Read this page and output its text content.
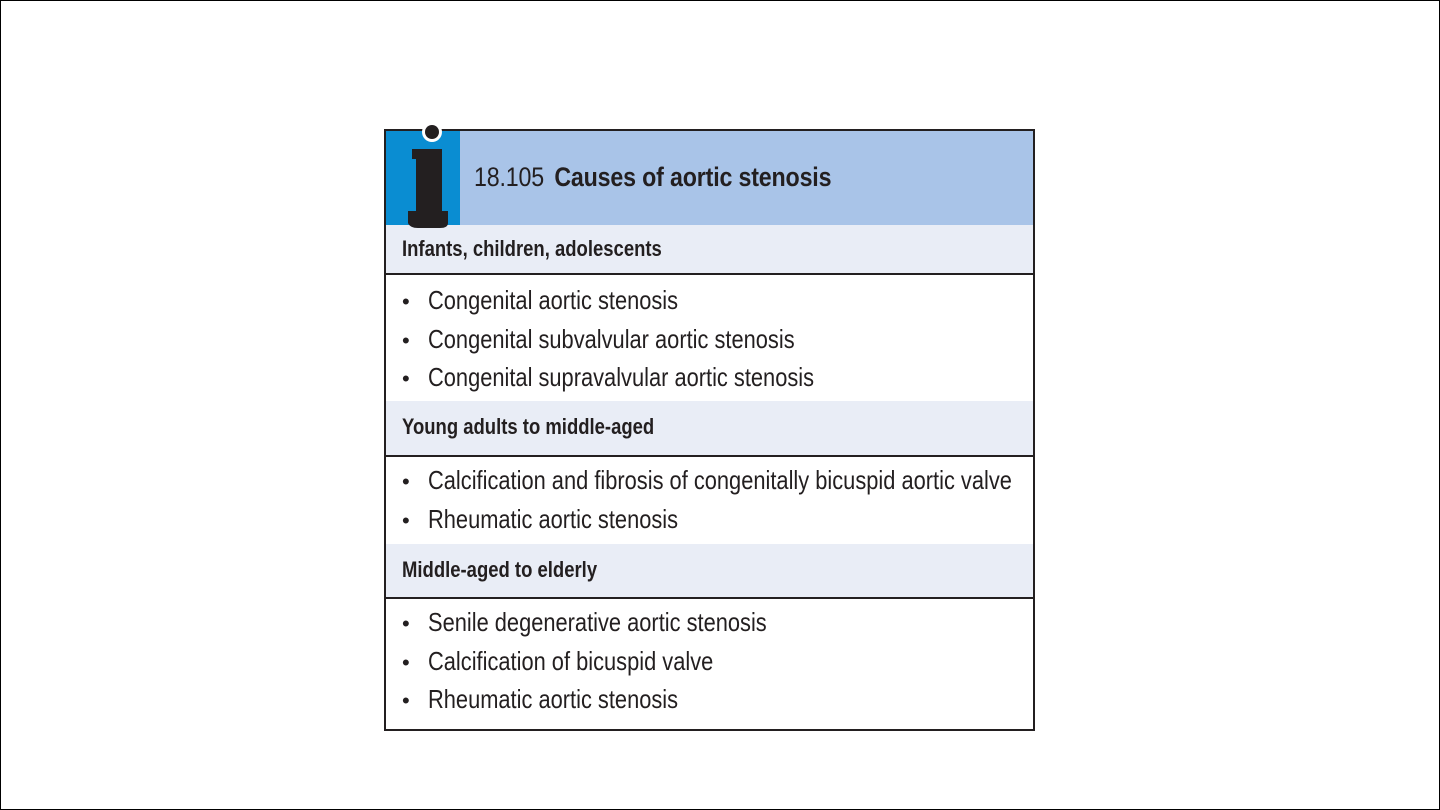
18.105 Causes of aortic stenosis
Infants, children, adolescents
• Congenital aortic stenosis
• Congenital subvalvular aortic stenosis
• Congenital supravalvular aortic stenosis
Young adults to middle-aged
• Calcification and fibrosis of congenitally bicuspid aortic valve
• Rheumatic aortic stenosis
Middle-aged to elderly
• Senile degenerative aortic stenosis
• Calcification of bicuspid valve
• Rheumatic aortic stenosis
